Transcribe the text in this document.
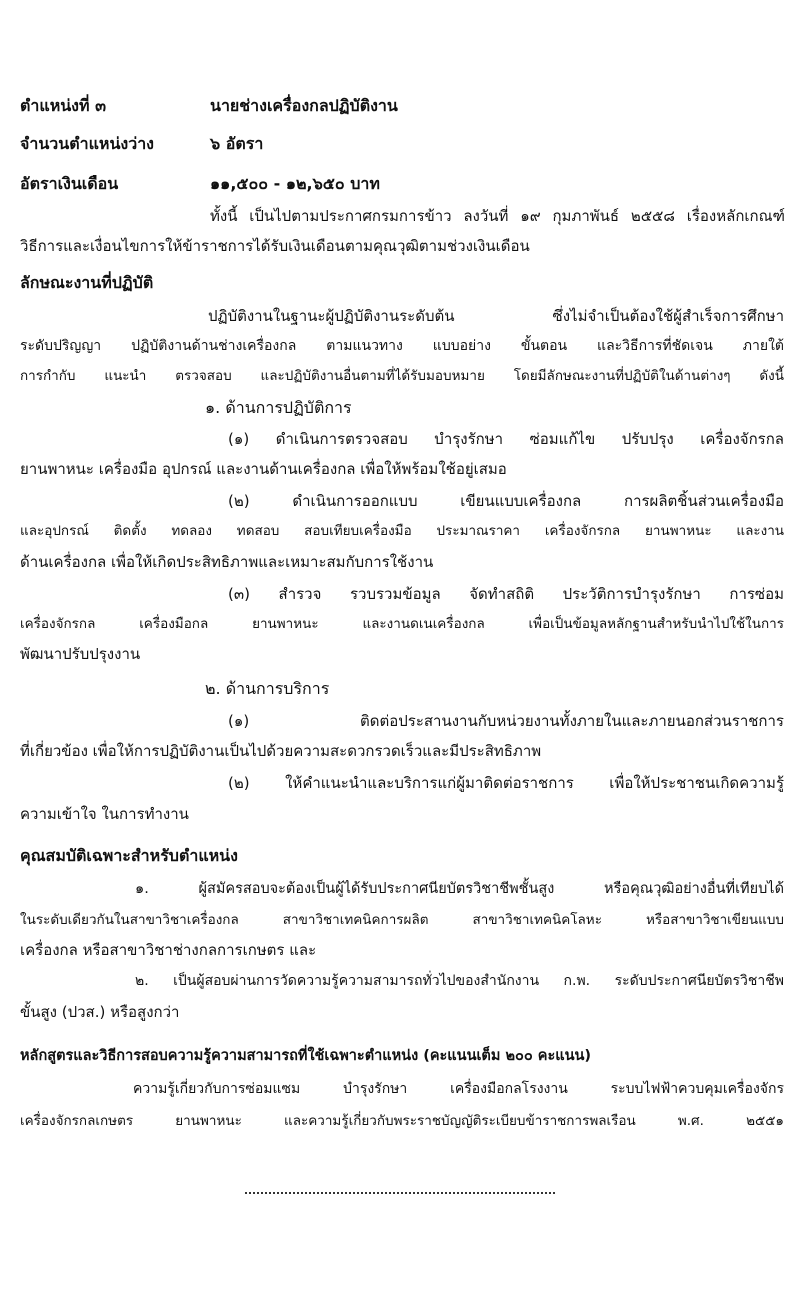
ตำแหน่งที่ ๓	นายช่างเครื่องกลปฏิบัติงาน
จำนวนตำแหน่งว่าง	๖ อัตรา
อัตราเงินเดือน	๑๑,๕๐๐ - ๑๒,๖๕๐ บาท
ทั้งนี้ เป็นไปตามประกาศกรมการข้าว ลงวันที่ ๑๙ กุมภาพันธ์ ๒๕๕๘ เรื่องหลักเกณฑ์
วิธีการและเงื่อนไขการให้ข้าราชการได้รับเงินเดือนตามคุณวุฒิตามช่วงเงินเดือน
ลักษณะงานที่ปฏิบัติ
ปฏิบัติงานในฐานะผู้ปฏิบัติงานระดับต้น ซึ่งไม่จำเป็นต้องใช้ผู้สำเร็จการศึกษา
ระดับปริญญา ปฏิบัติงานด้านช่างเครื่องกล ตามแนวทาง แบบอย่าง ขั้นตอน และวิธีการที่ชัดเจน ภายใต้
การกำกับ แนะนำ ตรวจสอบ และปฏิบัติงานอื่นตามที่ได้รับมอบหมาย โดยมีลักษณะงานที่ปฏิบัติในด้านต่างๆ ดังนี้
๑. ด้านการปฏิบัติการ
(๑) ดำเนินการตรวจสอบ บำรุงรักษา ซ่อมแก้ไข ปรับปรุง เครื่องจักรกล
ยานพาหนะ เครื่องมือ อุปกรณ์ และงานด้านเครื่องกล เพื่อให้พร้อมใช้อยู่เสมอ
(๒) ดำเนินการออกแบบ เขียนแบบเครื่องกล การผลิตชิ้นส่วนเครื่องมือ
และอุปกรณ์ ติดตั้ง ทดลอง ทดสอบ สอบเทียบเครื่องมือ ประมาณราคา เครื่องจักรกล ยานพาหนะ และงาน
ด้านเครื่องกล เพื่อให้เกิดประสิทธิภาพและเหมาะสมกับการใช้งาน
(๓) สำรวจ รวบรวมข้อมูล จัดทำสถิติ ประวัติการบำรุงรักษา การซ่อม
เครื่องจักรกล เครื่องมือกล ยานพาหนะ และงานดเนเครื่องกล เพื่อเป็นข้อมูลหลักฐานสำหรับนำไปใช้ในการ
พัฒนาปรับปรุงงาน
๒. ด้านการบริการ
(๑) ติดต่อประสานงานกับหน่วยงานทั้งภายในและภายนอกส่วนราชการ
ที่เกี่ยวข้อง เพื่อให้การปฏิบัติงานเป็นไปด้วยความสะดวกรวดเร็วและมีประสิทธิภาพ
(๒) ให้คำแนะนำและบริการแก่ผู้มาติดต่อราชการ เพื่อให้ประชาชนเกิดความรู้
ความเข้าใจ ในการทำงาน
คุณสมบัติเฉพาะสำหรับตำแหน่ง
๑. ผู้สมัครสอบจะต้องเป็นผู้ได้รับประกาศนียบัตรวิชาชีพชั้นสูง หรือคุณวุฒิอย่างอื่นที่เทียบได้
ในระดับเดียวกันในสาขาวิชาเครื่องกล สาขาวิชาเทคนิคการผลิต สาขาวิชาเทคนิคโลหะ หรือสาขาวิชาเขียนแบบ
เครื่องกล หรือสาขาวิชาช่างกลการเกษตร และ
๒. เป็นผู้สอบผ่านการวัดความรู้ความสามารถทั่วไปของสำนักงาน ก.พ. ระดับประกาศนียบัตรวิชาชีพ
ขั้นสูง (ปวส.) หรือสูงกว่า
หลักสูตรและวิธีการสอบความรู้ความสามารถที่ใช้เฉพาะตำแหน่ง (คะแนนเต็ม ๒๐๐ คะแนน)
ความรู้เกี่ยวกับการซ่อมแซม บำรุงรักษา เครื่องมือกลโรงงาน ระบบไฟฟ้าควบคุมเครื่องจักร
เครื่องจักรกลเกษตร ยานพาหนะ และความรู้เกี่ยวกับพระราชบัญญัติระเบียบข้าราชการพลเรือน พ.ศ. ๒๕๕๑
